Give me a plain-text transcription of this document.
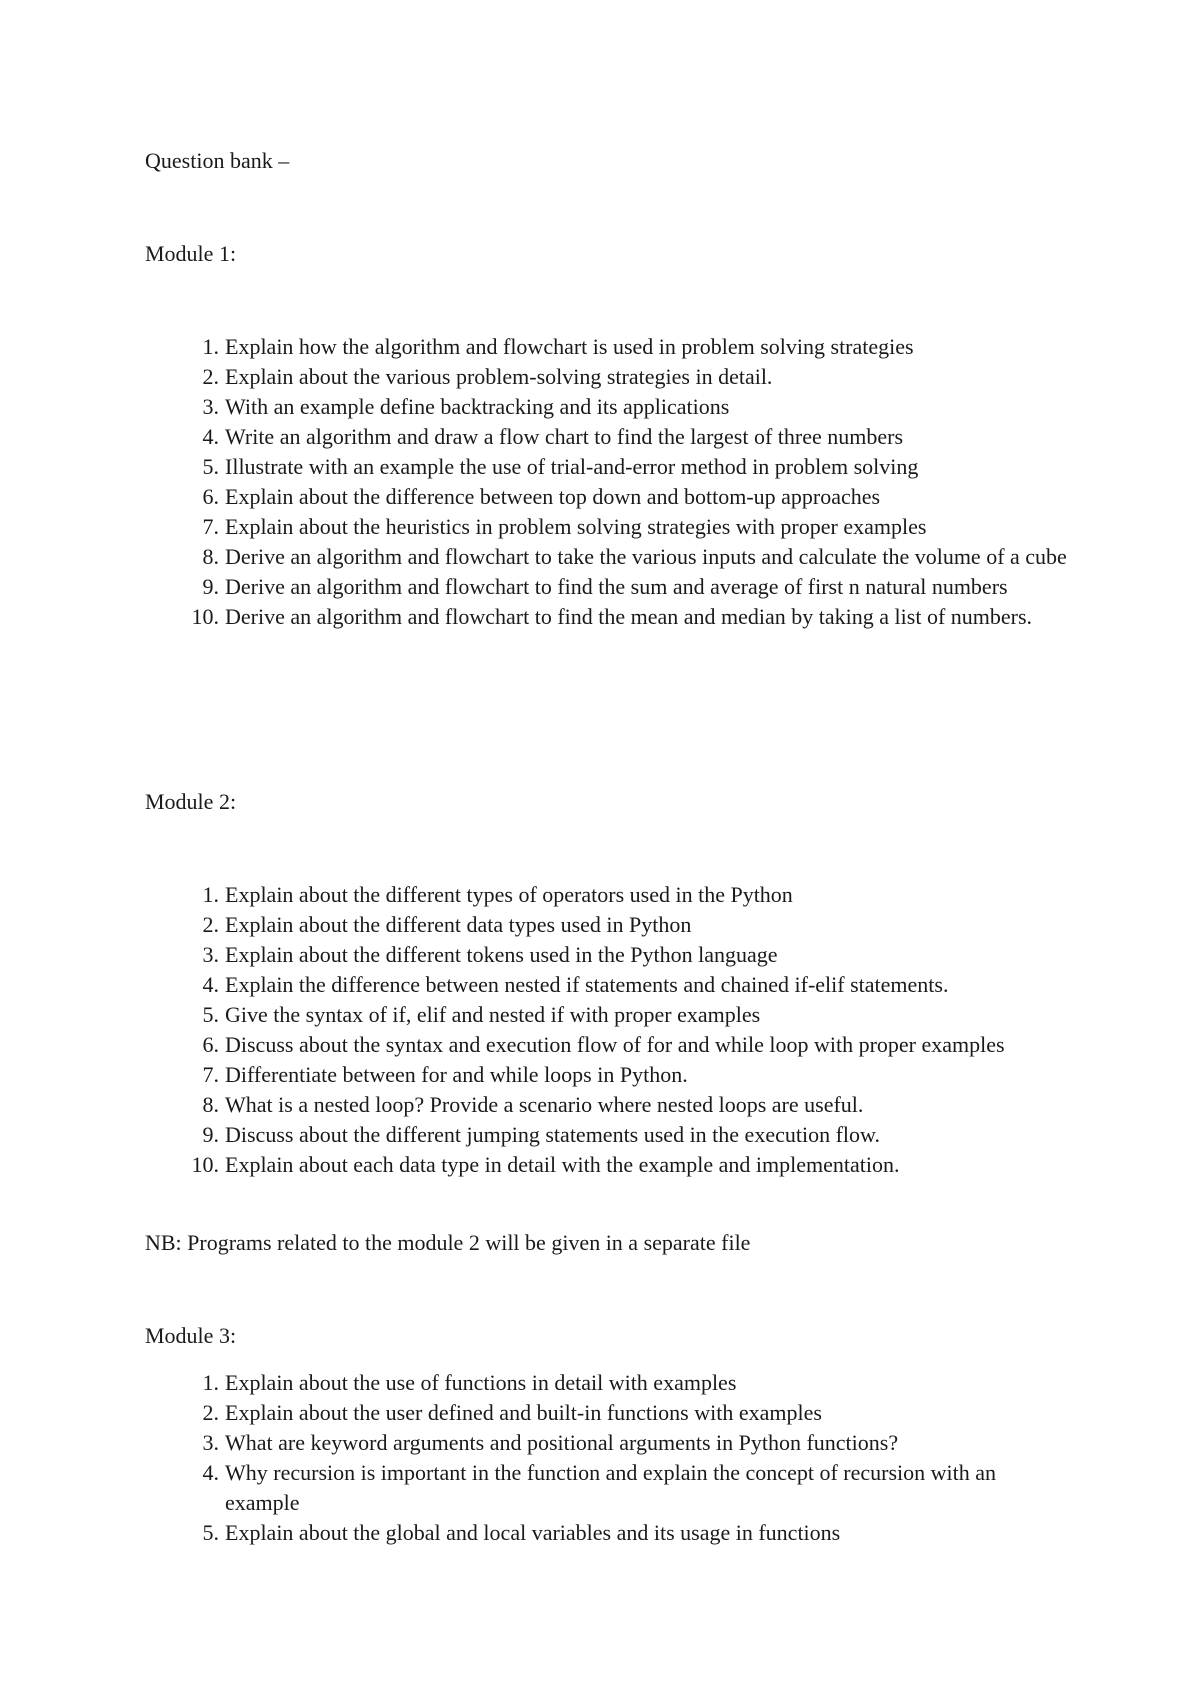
Question bank –

Module 1:

1. Explain how the algorithm and flowchart is used in problem solving strategies
2. Explain about the various problem-solving strategies in detail.
3. With an example define backtracking and its applications
4. Write an algorithm and draw a flow chart to find the largest of three numbers
5. Illustrate with an example the use of trial-and-error method in problem solving
6. Explain about the difference between top down and bottom-up approaches
7. Explain about the heuristics in problem solving strategies with proper examples
8. Derive an algorithm and flowchart to take the various inputs and calculate the volume of a cube
9. Derive an algorithm and flowchart to find the sum and average of first n natural numbers
10. Derive an algorithm and flowchart to find the mean and median by taking a list of numbers.

Module 2:

1. Explain about the different types of operators used in the Python
2. Explain about the different data types used in Python
3. Explain about the different tokens used in the Python language
4. Explain the difference between nested if statements and chained if-elif statements.
5. Give the syntax of if, elif and nested if with proper examples
6. Discuss about the syntax and execution flow of for and while loop with proper examples
7. Differentiate between for and while loops in Python.
8. What is a nested loop? Provide a scenario where nested loops are useful.
9. Discuss about the different jumping statements used in the execution flow.
10. Explain about each data type in detail with the example and implementation.

NB: Programs related to the module 2 will be given in a separate file

Module 3:

1. Explain about the use of functions in detail with examples
2. Explain about the user defined and built-in functions with examples
3. What are keyword arguments and positional arguments in Python functions?
4. Why recursion is important in the function and explain the concept of recursion with an example
5. Explain about the global and local variables and its usage in functions
